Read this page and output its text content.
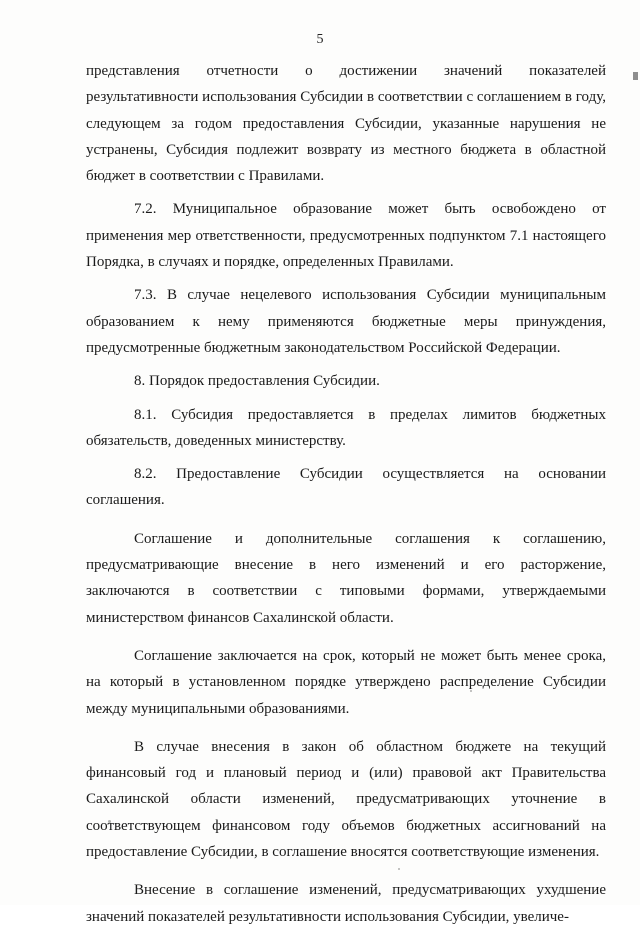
5

представления отчетности о достижении значений показателей результативности использования Субсидии в соответствии с соглашением в году, следующем за годом предоставления Субсидии, указанные нарушения не устранены, Субсидия подлежит возврату из местного бюджета в областной бюджет в соответствии с Правилами.

7.2. Муниципальное образование может быть освобождено от применения мер ответственности, предусмотренных подпунктом 7.1 настоящего Порядка, в случаях и порядке, определенных Правилами.

7.3. В случае нецелевого использования Субсидии муниципальным образованием к нему применяются бюджетные меры принуждения, предусмотренные бюджетным законодательством Российской Федерации.

8. Порядок предоставления Субсидии.

8.1. Субсидия предоставляется в пределах лимитов бюджетных обязательств, доведенных министерству.

8.2. Предоставление Субсидии осуществляется на основании соглашения.

Соглашение и дополнительные соглашения к соглашению, предусматривающие внесение в него изменений и его расторжение, заключаются в соответствии с типовыми формами, утверждаемыми министерством финансов Сахалинской области.

Соглашение заключается на срок, который не может быть менее срока, на который в установленном порядке утверждено распределение Субсидии между муниципальными образованиями.

В случае внесения в закон об областном бюджете на текущий финансовый год и плановый период и (или) правовой акт Правительства Сахалинской области изменений, предусматривающих уточнение в соответствующем финансовом году объемов бюджетных ассигнований на предоставление Субсидии, в соглашение вносятся соответствующие изменения.

Внесение в соглашение изменений, предусматривающих ухудшение значений показателей результативности использования Субсидии, увеличе-
